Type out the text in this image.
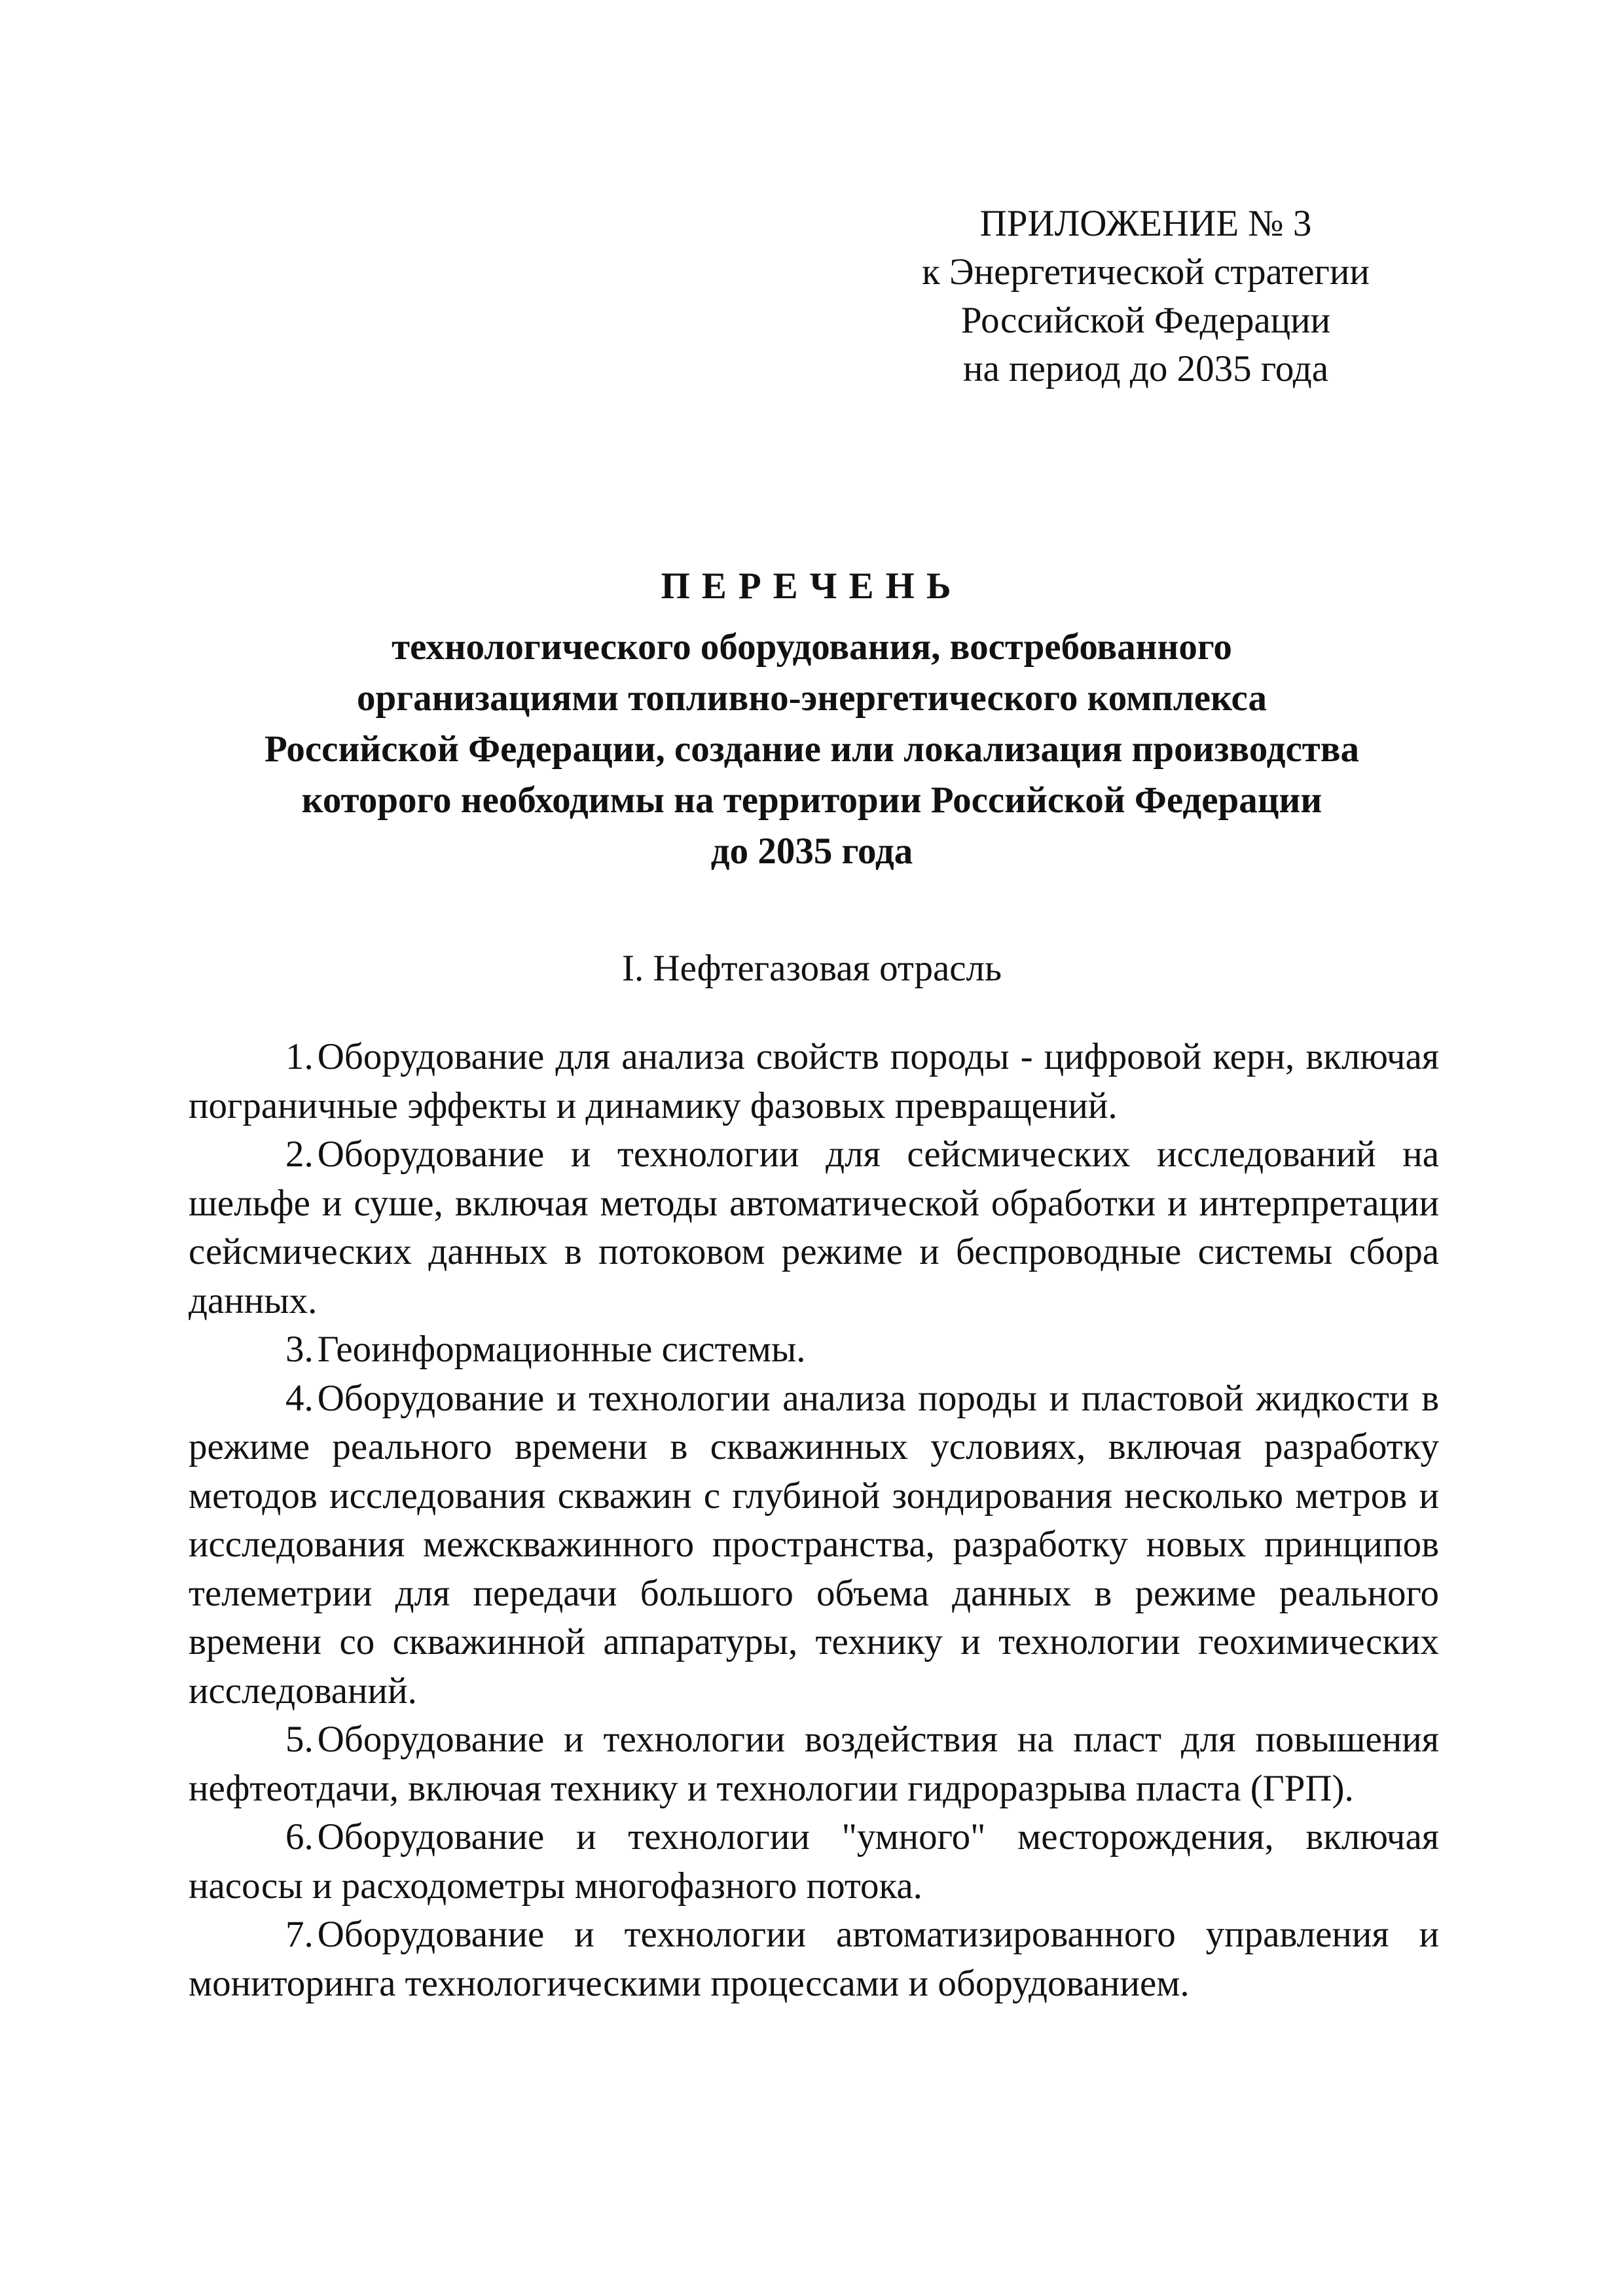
ПРИЛОЖЕНИЕ № 3
к Энергетической стратегии
Российской Федерации
на период до 2035 года
ПЕРЕЧЕНЬ
технологического оборудования, востребованного
организациями топливно-энергетического комплекса
Российской Федерации, создание или локализация производства
которого необходимы на территории Российской Федерации
до 2035 года
I. Нефтегазовая отрасль

1. Оборудование для анализа свойств породы - цифровой керн, включая пограничные эффекты и динамику фазовых превращений.

2. Оборудование и технологии для сейсмических исследований на шельфе и суше, включая методы автоматической обработки и интерпретации сейсмических данных в потоковом режиме и беспроводные системы сбора данных.

3. Геоинформационные системы.

4. Оборудование и технологии анализа породы и пластовой жидкости в режиме реального времени в скважинных условиях, включая разработку методов исследования скважин с глубиной зондирования несколько метров и исследования межскважинного пространства, разработку новых принципов телеметрии для передачи большого объема данных в режиме реального времени со скважинной аппаратуры, технику и технологии геохимических исследований.

5. Оборудование и технологии воздействия на пласт для повышения нефтеотдачи, включая технику и технологии гидроразрыва пласта (ГРП).

6. Оборудование и технологии "умного" месторождения, включая насосы и расходометры многофазного потока.

7. Оборудование и технологии автоматизированного управления и мониторинга технологическими процессами и оборудованием.
